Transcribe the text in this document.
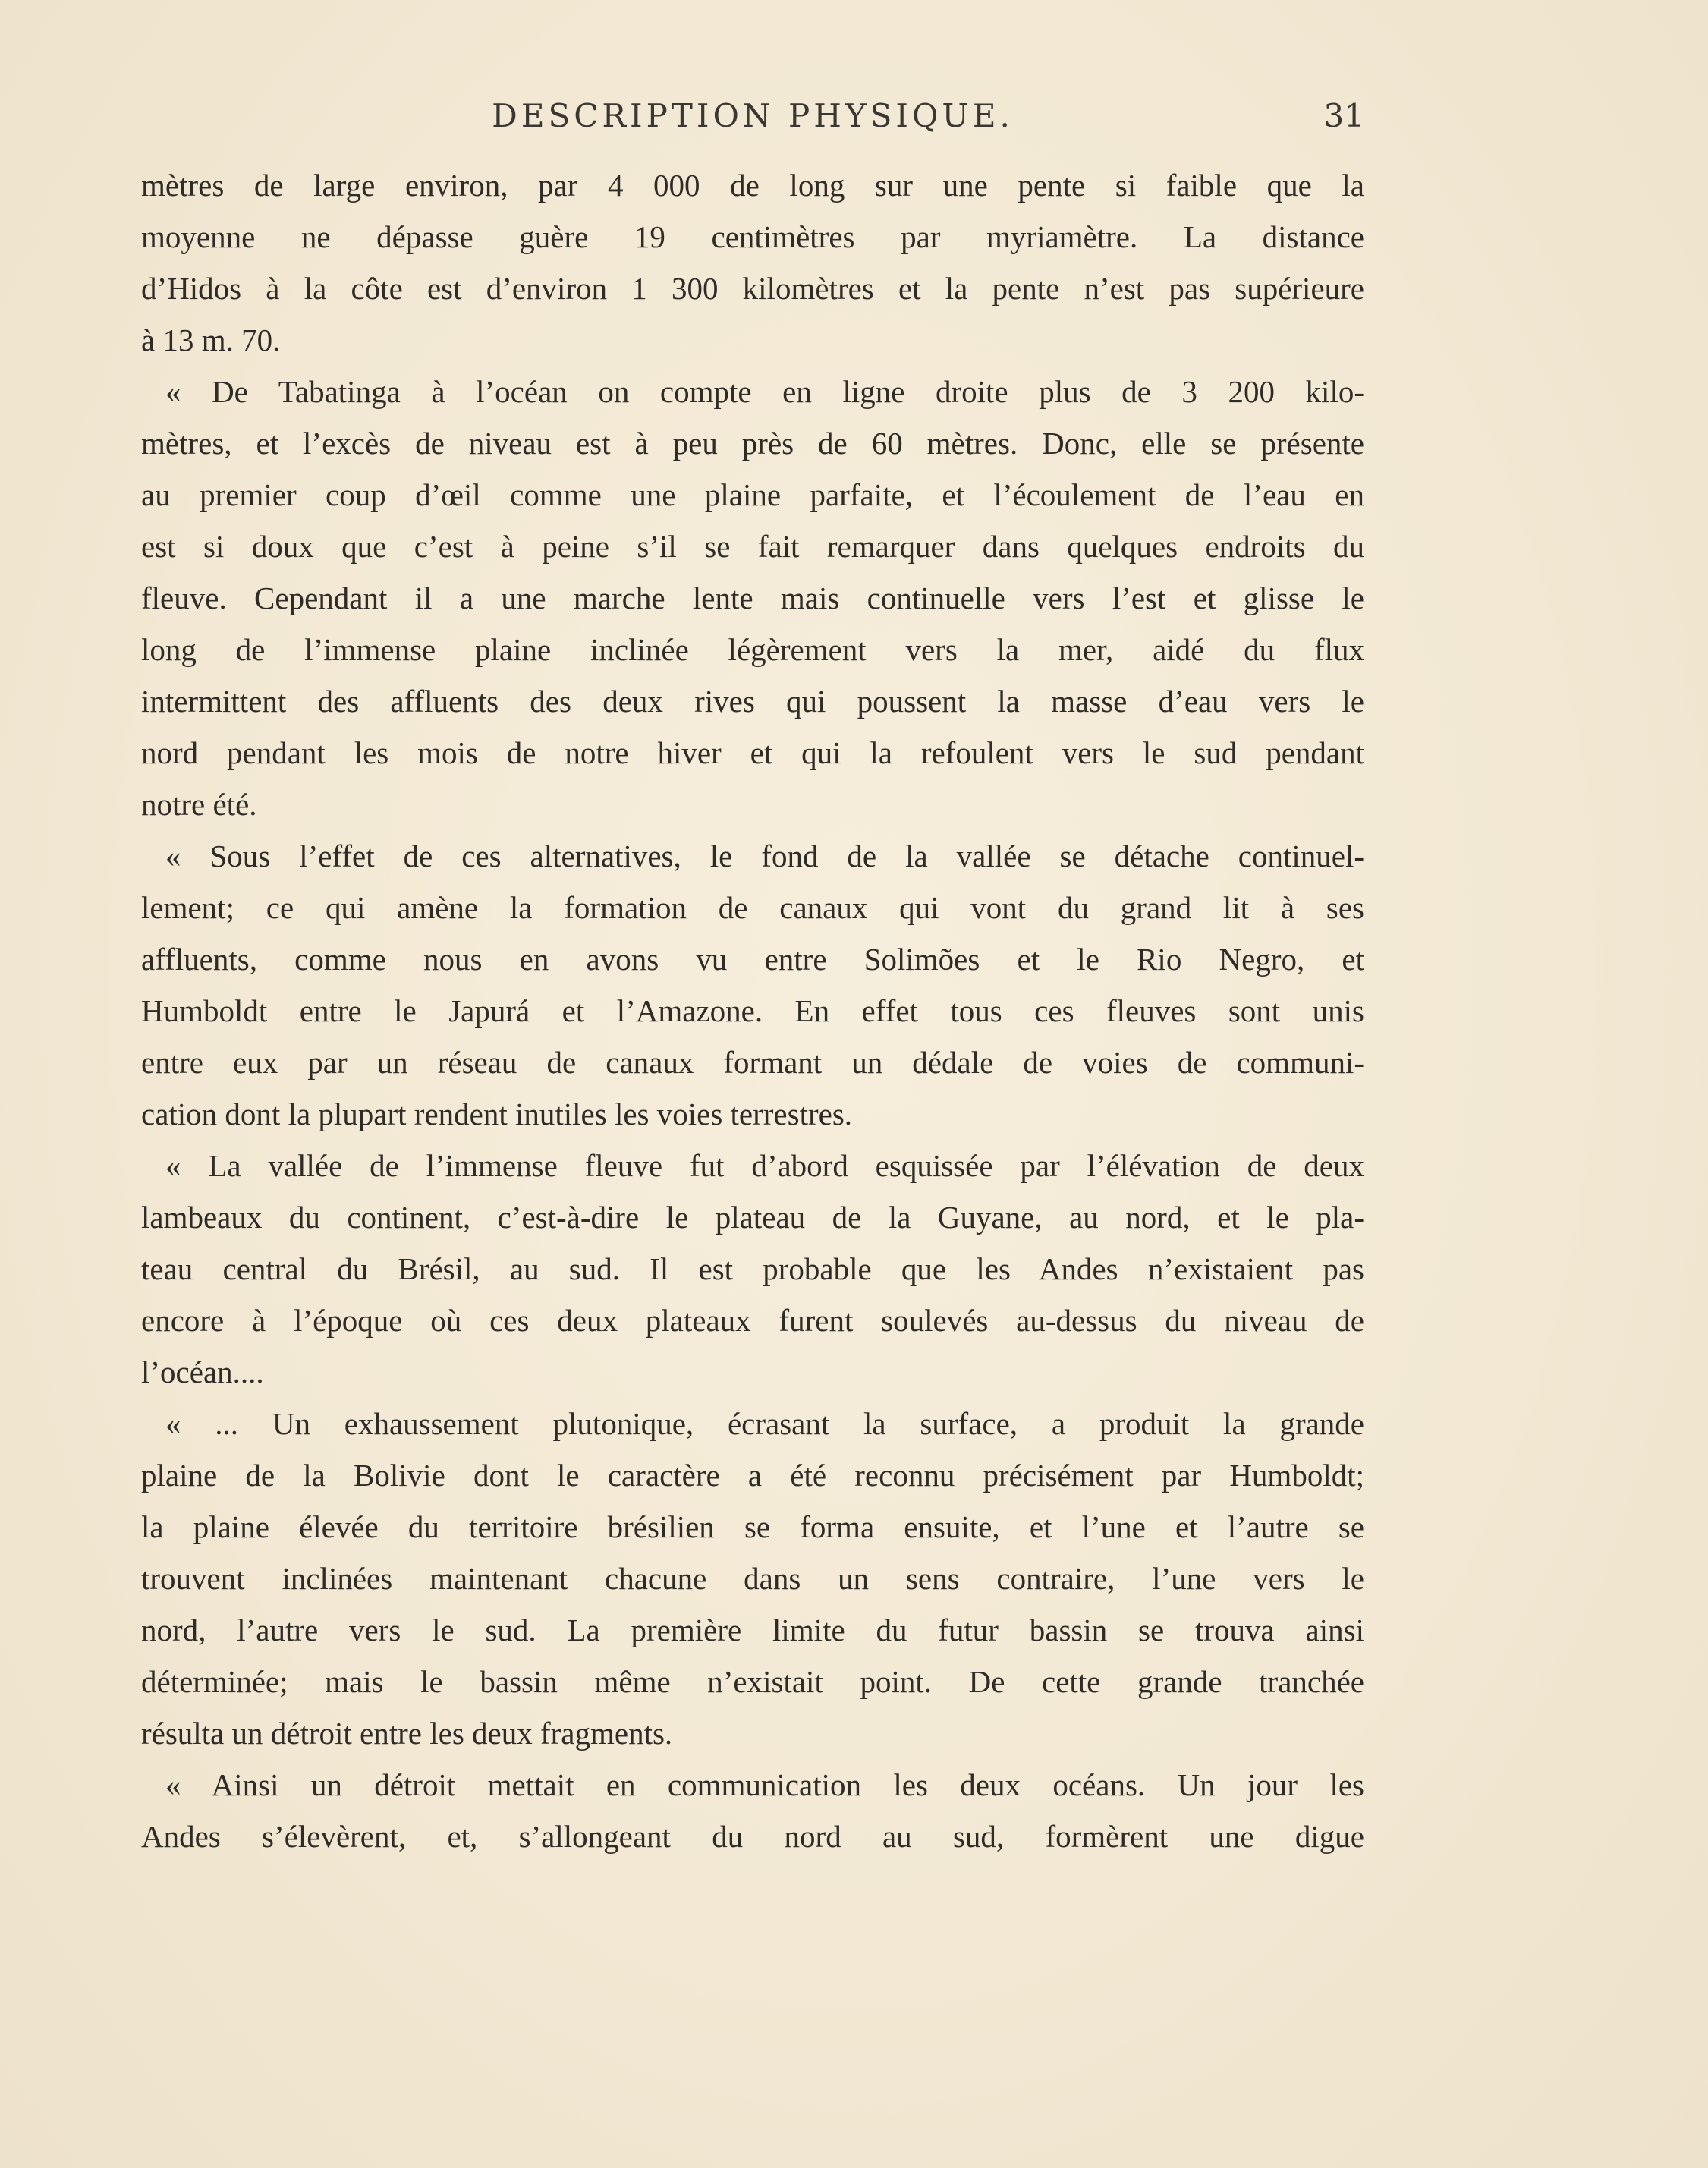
DESCRIPTION PHYSIQUE.	31
mètres de large environ, par 4 000 de long sur une pente si faible que la
moyenne ne dépasse guère 19 centimètres par myriamètre. La distance
d’Hidos à la côte est d’environ 1 300 kilomètres et la pente n’est pas supérieure
à 13 m. 70.
« De Tabatinga à l’océan on compte en ligne droite plus de 3 200 kilo-
mètres, et l’excès de niveau est à peu près de 60 mètres. Donc, elle se présente
au premier coup d’œil comme une plaine parfaite, et l’écoulement de l’eau en
est si doux que c’est à peine s’il se fait remarquer dans quelques endroits du
fleuve. Cependant il a une marche lente mais continuelle vers l’est et glisse le
long de l’immense plaine inclinée légèrement vers la mer, aidé du flux
intermittent des affluents des deux rives qui poussent la masse d’eau vers le
nord pendant les mois de notre hiver et qui la refoulent vers le sud pendant
notre été.
« Sous l’effet de ces alternatives, le fond de la vallée se détache continuel-
lement; ce qui amène la formation de canaux qui vont du grand lit à ses
affluents, comme nous en avons vu entre Solimões et le Rio Negro, et
Humboldt entre le Japurá et l’Amazone. En effet tous ces fleuves sont unis
entre eux par un réseau de canaux formant un dédale de voies de communi-
cation dont la plupart rendent inutiles les voies terrestres.
« La vallée de l’immense fleuve fut d’abord esquissée par l’élévation de deux
lambeaux du continent, c’est-à-dire le plateau de la Guyane, au nord, et le pla-
teau central du Brésil, au sud. Il est probable que les Andes n’existaient pas
encore à l’époque où ces deux plateaux furent soulevés au-dessus du niveau de
l’océan....
« ... Un exhaussement plutonique, écrasant la surface, a produit la grande
plaine de la Bolivie dont le caractère a été reconnu précisément par Humboldt;
la plaine élevée du territoire brésilien se forma ensuite, et l’une et l’autre se
trouvent inclinées maintenant chacune dans un sens contraire, l’une vers le
nord, l’autre vers le sud. La première limite du futur bassin se trouva ainsi
déterminée; mais le bassin même n’existait point. De cette grande tranchée
résulta un détroit entre les deux fragments.
« Ainsi un détroit mettait en communication les deux océans. Un jour les
Andes s’élevèrent, et, s’allongeant du nord au sud, formèrent une digue
